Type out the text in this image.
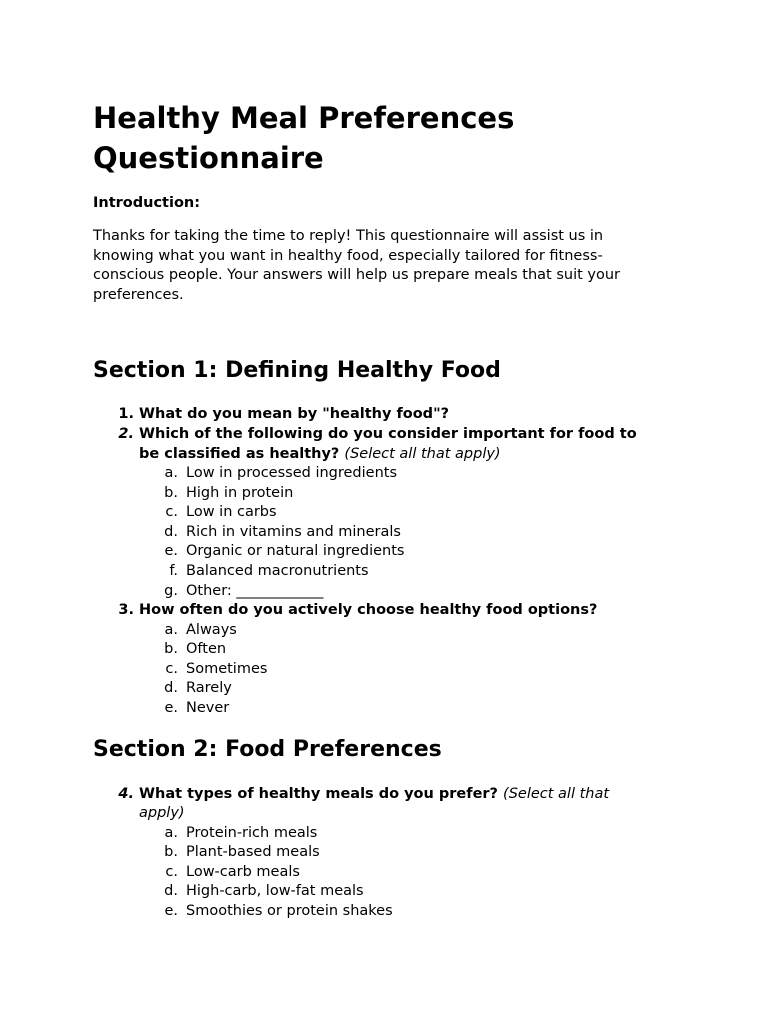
Healthy Meal Preferences
Questionnaire
Introduction:
Thanks for taking the time to reply! This questionnaire will assist us in
knowing what you want in healthy food, especially tailored for fitness-
conscious people. Your answers will help us prepare meals that suit your
preferences.
Section 1: Defining Healthy Food
1. What do you mean by "healthy food"?
2. Which of the following do you consider important for food to
be classified as healthy? (Select all that apply)
a. Low in processed ingredients
b. High in protein
c. Low in carbs
d. Rich in vitamins and minerals
e. Organic or natural ingredients
f. Balanced macronutrients
g. Other: ____________
3. How often do you actively choose healthy food options?
a. Always
b. Often
c. Sometimes
d. Rarely
e. Never
Section 2: Food Preferences
4. What types of healthy meals do you prefer? (Select all that
apply)
a. Protein-rich meals
b. Plant-based meals
c. Low-carb meals
d. High-carb, low-fat meals
e. Smoothies or protein shakes
